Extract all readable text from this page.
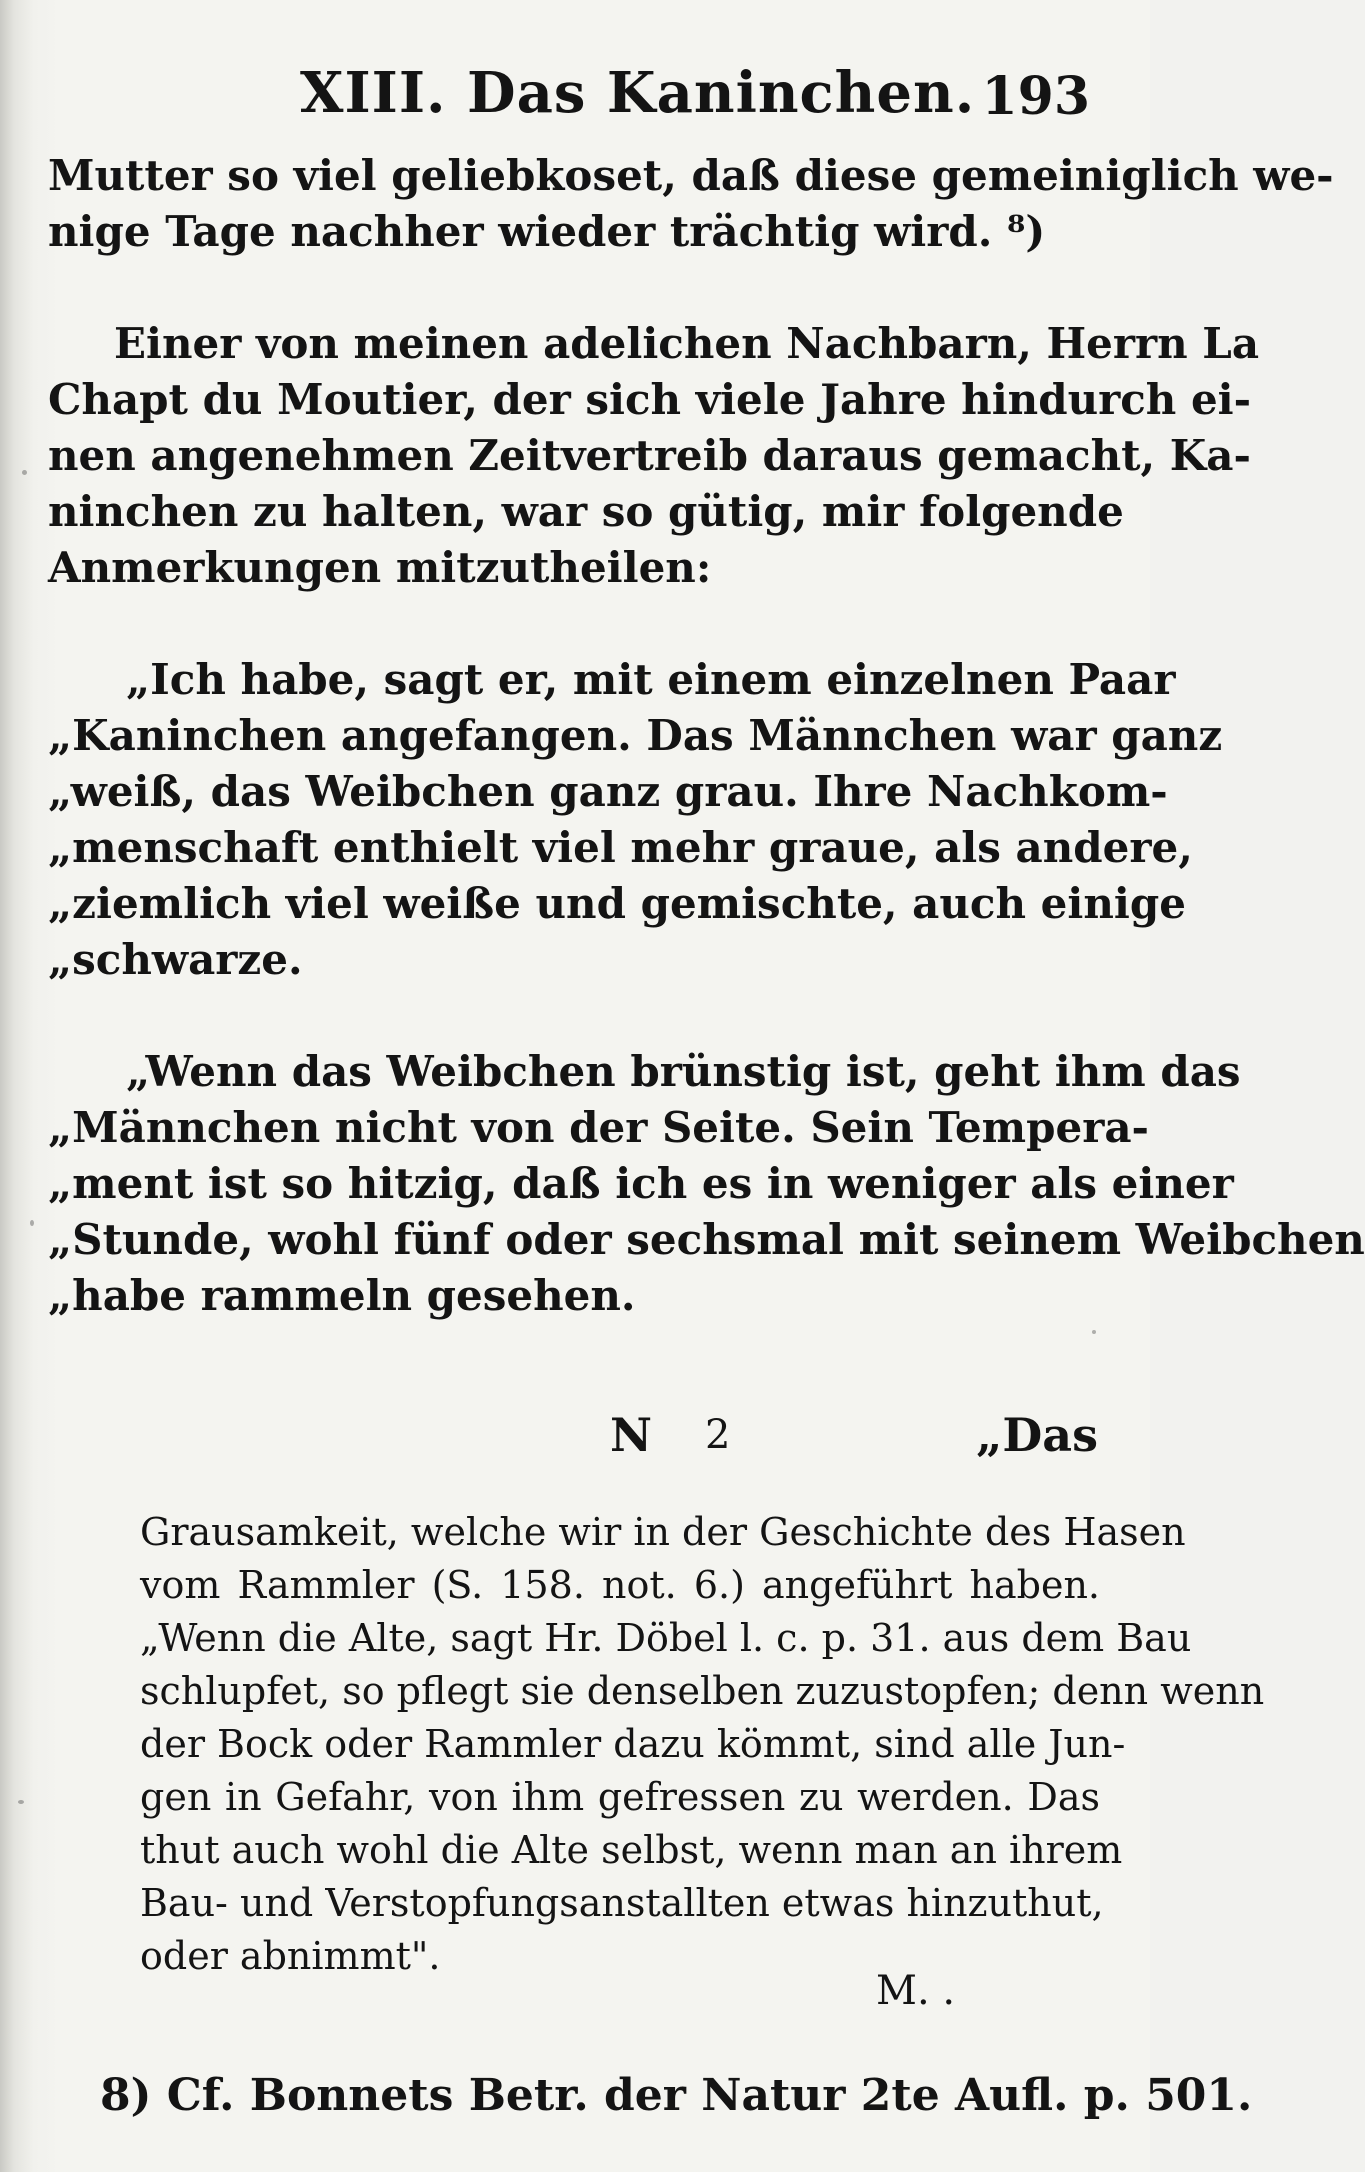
XIII. Das Kaninchen. 193
Mutter so viel geliebkoset, daß diese gemeiniglich we-
nige Tage nachher wieder trächtig wird. ⁸)
Einer von meinen adelichen Nachbarn, Herrn La
Chapt du Moutier, der sich viele Jahre hindurch ei-
nen angenehmen Zeitvertreib daraus gemacht, Ka-
ninchen zu halten, war so gütig, mir folgende
Anmerkungen mitzutheilen:
„Ich habe, sagt er, mit einem einzelnen Paar
„Kaninchen angefangen. Das Männchen war ganz
„weiß, das Weibchen ganz grau. Ihre Nachkom-
„menschaft enthielt viel mehr graue, als andere,
„ziemlich viel weiße und gemischte, auch einige
„schwarze.
„Wenn das Weibchen brünstig ist, geht ihm das
„Männchen nicht von der Seite. Sein Tempera-
„ment ist so hitzig, daß ich es in weniger als einer
„Stunde, wohl fünf oder sechsmal mit seinem Weibchen
„habe rammeln gesehen.
N 2	„Das
Grausamkeit, welche wir in der Geschichte des Hasen
vom Rammler (S. 158. not. 6.) angeführt haben.
„Wenn die Alte, sagt Hr. Döbel l. c. p. 31. aus dem Bau
schlupfet, so pflegt sie denselben zuzustopfen; denn wenn
der Bock oder Rammler dazu kömmt, sind alle Jun-
gen in Gefahr, von ihm gefressen zu werden. Das
thut auch wohl die Alte selbst, wenn man an ihrem
Bau- und Verstopfungsanstallten etwas hinzuthut,
oder abnimmt".
M. .
8) Cf. Bonnets Betr. der Natur 2te Aufl. p. 501.
